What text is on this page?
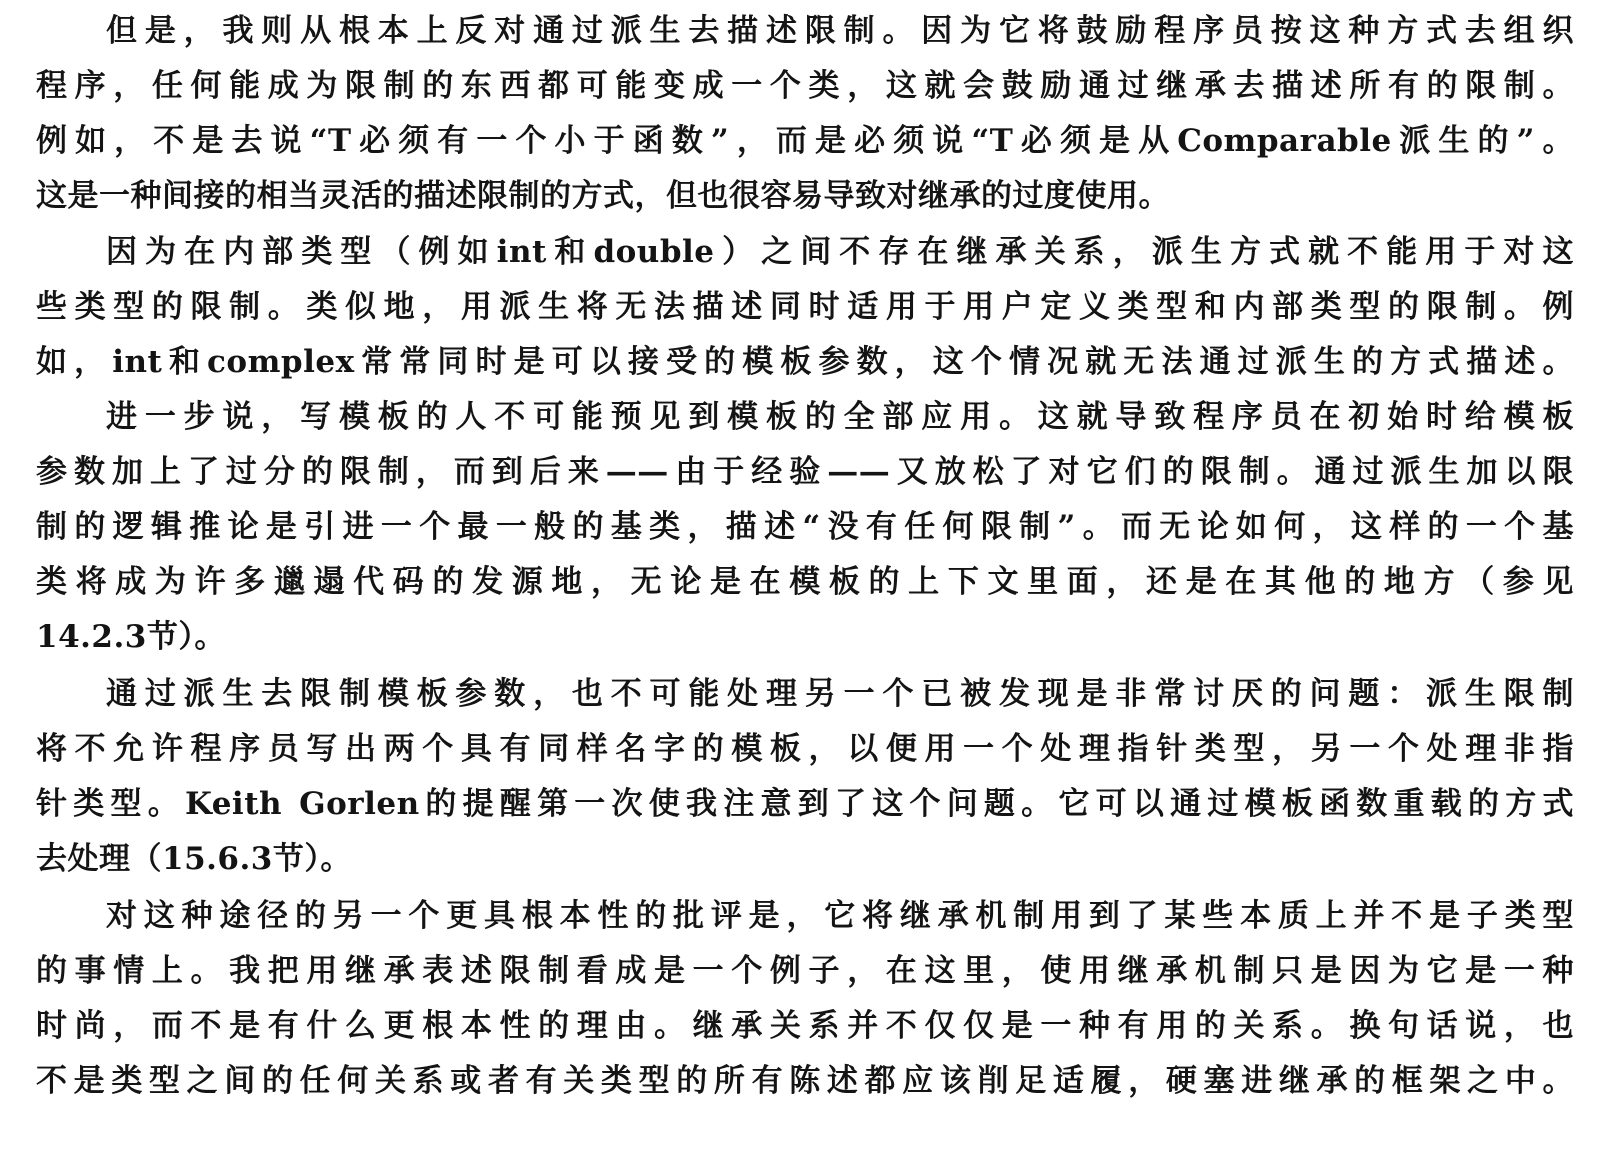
但是，我则从根本上反对通过派生去描述限制。因为它将鼓励程序员按这种方式去组织
程序，任何能成为限制的东西都可能变成一个类，这就会鼓励通过继承去描述所有的限制。
例如，不是去说“T必须有一个小于函数”，而是必须说“T必须是从Comparable派生的”。
这是一种间接的相当灵活的描述限制的方式，但也很容易导致对继承的过度使用。
因为在内部类型（例如int和double）之间不存在继承关系，派生方式就不能用于对这
些类型的限制。类似地，用派生将无法描述同时适用于用户定义类型和内部类型的限制。例
如，int和complex常常同时是可以接受的模板参数，这个情况就无法通过派生的方式描述。
进一步说，写模板的人不可能预见到模板的全部应用。这就导致程序员在初始时给模板
参数加上了过分的限制，而到后来——由于经验——又放松了对它们的限制。通过派生加以限
制的逻辑推论是引进一个最一般的基类，描述“没有任何限制”。而无论如何，这样的一个基
类将成为许多邋遢代码的发源地，无论是在模板的上下文里面，还是在其他的地方（参见
14.2.3节）。
通过派生去限制模板参数，也不可能处理另一个已被发现是非常讨厌的问题：派生限制
将不允许程序员写出两个具有同样名字的模板，以便用一个处理指针类型，另一个处理非指
针类型。Keith Gorlen的提醒第一次使我注意到了这个问题。它可以通过模板函数重载的方式
去处理（15.6.3节）。
对这种途径的另一个更具根本性的批评是，它将继承机制用到了某些本质上并不是子类型
的事情上。我把用继承表述限制看成是一个例子，在这里，使用继承机制只是因为它是一种
时尚，而不是有什么更根本性的理由。继承关系并不仅仅是一种有用的关系。换句话说，也
不是类型之间的任何关系或者有关类型的所有陈述都应该削足适履，硬塞进继承的框架之中。
